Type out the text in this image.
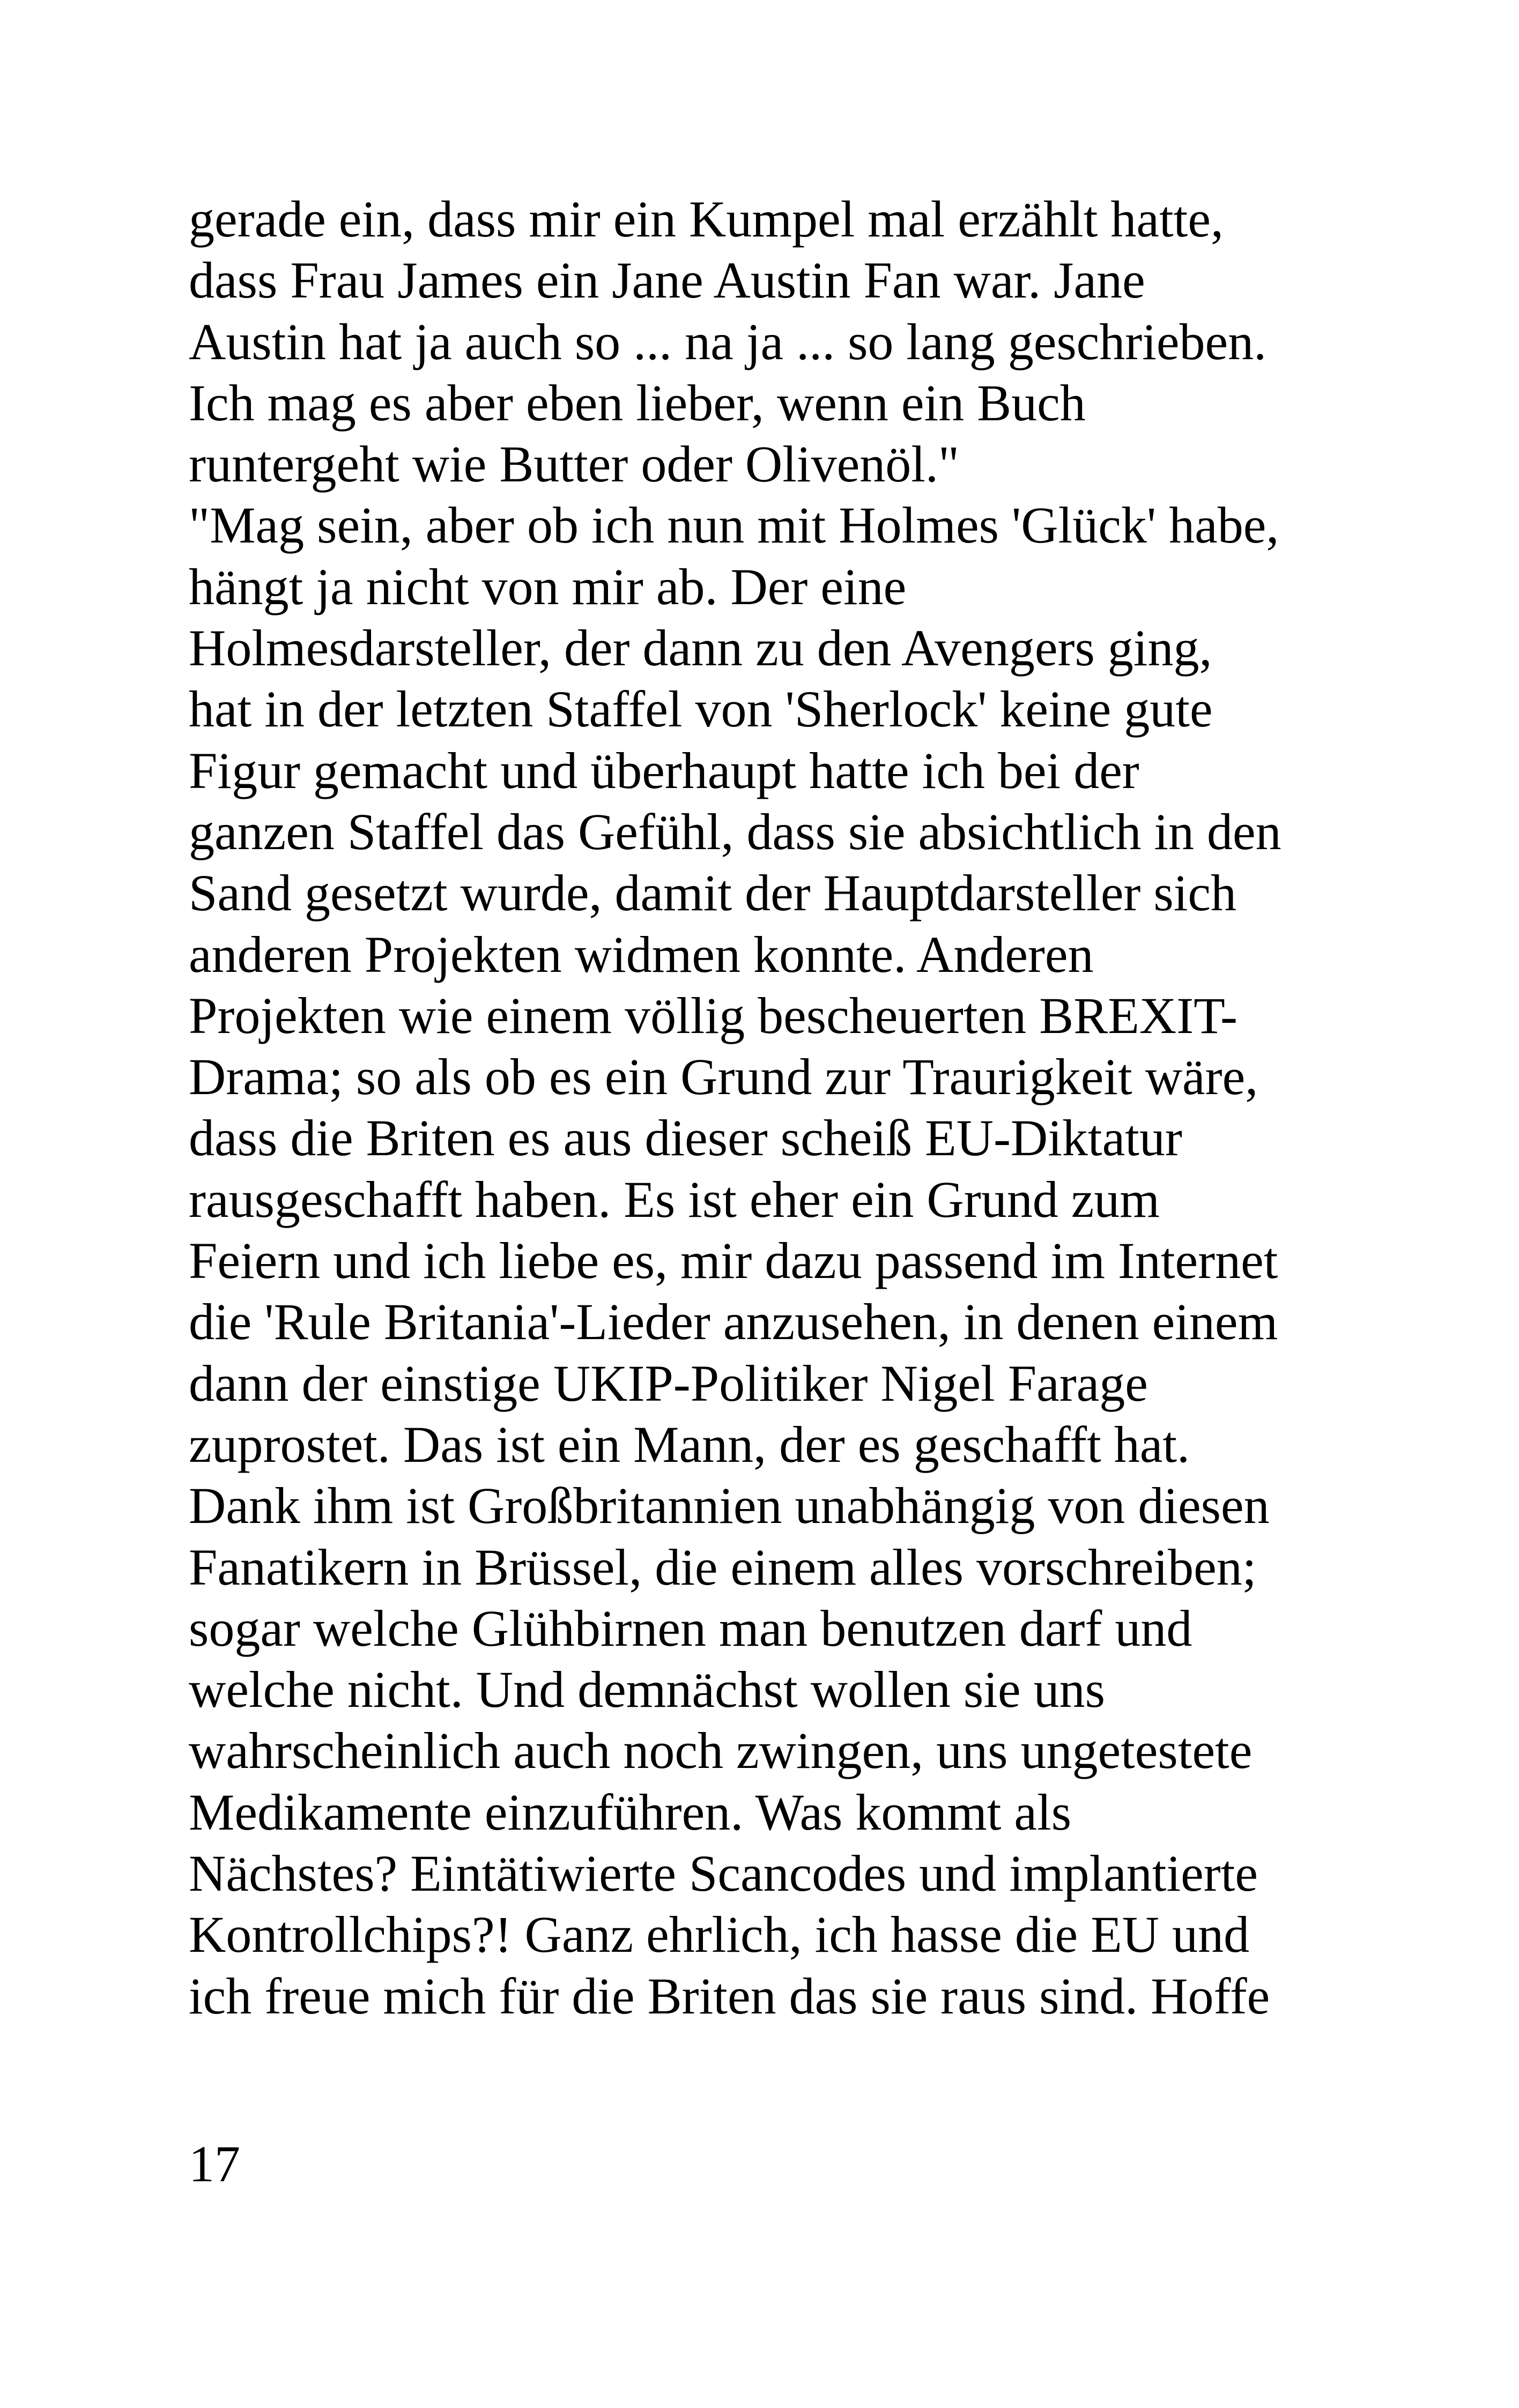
gerade ein, dass mir ein Kumpel mal erzählt hatte,
dass Frau James ein Jane Austin Fan war. Jane
Austin hat ja auch so ... na ja ... so lang geschrieben.
Ich mag es aber eben lieber, wenn ein Buch
runtergeht wie Butter oder Olivenöl."
"Mag sein, aber ob ich nun mit Holmes 'Glück' habe,
hängt ja nicht von mir ab. Der eine
Holmesdarsteller, der dann zu den Avengers ging,
hat in der letzten Staffel von 'Sherlock' keine gute
Figur gemacht und überhaupt hatte ich bei der
ganzen Staffel das Gefühl, dass sie absichtlich in den
Sand gesetzt wurde, damit der Hauptdarsteller sich
anderen Projekten widmen konnte. Anderen
Projekten wie einem völlig bescheuerten BREXIT-
Drama; so als ob es ein Grund zur Traurigkeit wäre,
dass die Briten es aus dieser scheiß EU-Diktatur
rausgeschafft haben. Es ist eher ein Grund zum
Feiern und ich liebe es, mir dazu passend im Internet
die 'Rule Britania'-Lieder anzusehen, in denen einem
dann der einstige UKIP-Politiker Nigel Farage
zuprostet. Das ist ein Mann, der es geschafft hat.
Dank ihm ist Großbritannien unabhängig von diesen
Fanatikern in Brüssel, die einem alles vorschreiben;
sogar welche Glühbirnen man benutzen darf und
welche nicht. Und demnächst wollen sie uns
wahrscheinlich auch noch zwingen, uns ungetestete
Medikamente einzuführen. Was kommt als
Nächstes? Eintätiwierte Scancodes und implantierte
Kontrollchips?! Ganz ehrlich, ich hasse die EU und
ich freue mich für die Briten das sie raus sind. Hoffe
17
